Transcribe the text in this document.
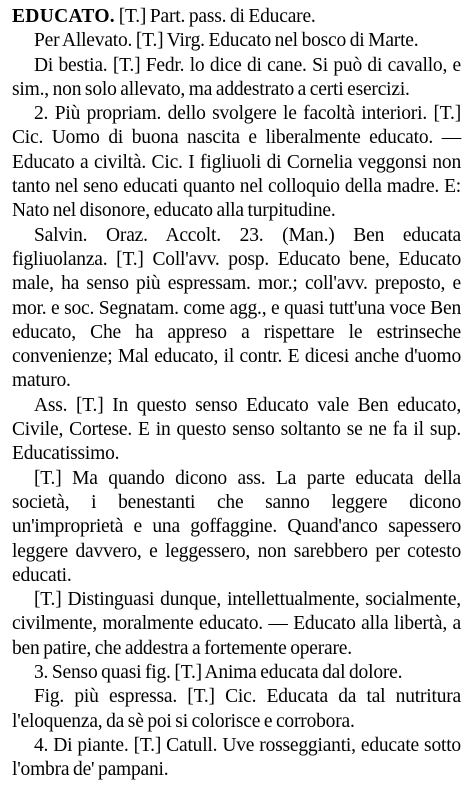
EDUCATO. [T.] Part. pass. di Educare.

Per Allevato. [T.] Virg. Educato nel bosco di Marte.

Di bestia. [T.] Fedr. lo dice di cane. Si può di cavallo, e sim., non solo allevato, ma addestrato a certi esercizi.

2. Più propriam. dello svolgere le facoltà interiori. [T.] Cic. Uomo di buona nascita e liberalmente educato. — Educato a civiltà. Cic. I figliuoli di Cornelia veggonsi non tanto nel seno educati quanto nel colloquio della madre. E: Nato nel disonore, educato alla turpitudine.

Salvin. Oraz. Accolt. 23. (Man.) Ben educata figliuolanza. [T.] Coll'avv. posp. Educato bene, Educato male, ha senso più espressam. mor.; coll'avv. preposto, e mor. e soc. Segnatam. come agg., e quasi tutt'una voce Ben educato, Che ha appreso a rispettare le estrinseche convenienze; Mal educato, il contr. E dicesi anche d'uomo maturo.

Ass. [T.] In questo senso Educato vale Ben educato, Civile, Cortese. E in questo senso soltanto se ne fa il sup. Educatissimo.

[T.] Ma quando dicono ass. La parte educata della società, i benestanti che sanno leggere dicono un'improprietà e una goffaggine. Quand'anco sapessero leggere davvero, e leggessero, non sarebbero per cotesto educati.

[T.] Distinguasi dunque, intellettualmente, socialmente, civilmente, moralmente educato. — Educato alla libertà, a ben patire, che addestra a fortemente operare.

3. Senso quasi fig. [T.] Anima educata dal dolore.

Fig. più espressa. [T.] Cic. Educata da tal nutritura l'eloquenza, da sè poi si colorisce e corrobora.

4. Di piante. [T.] Catull. Uve rosseggianti, educate sotto l'ombra de' pampani.
